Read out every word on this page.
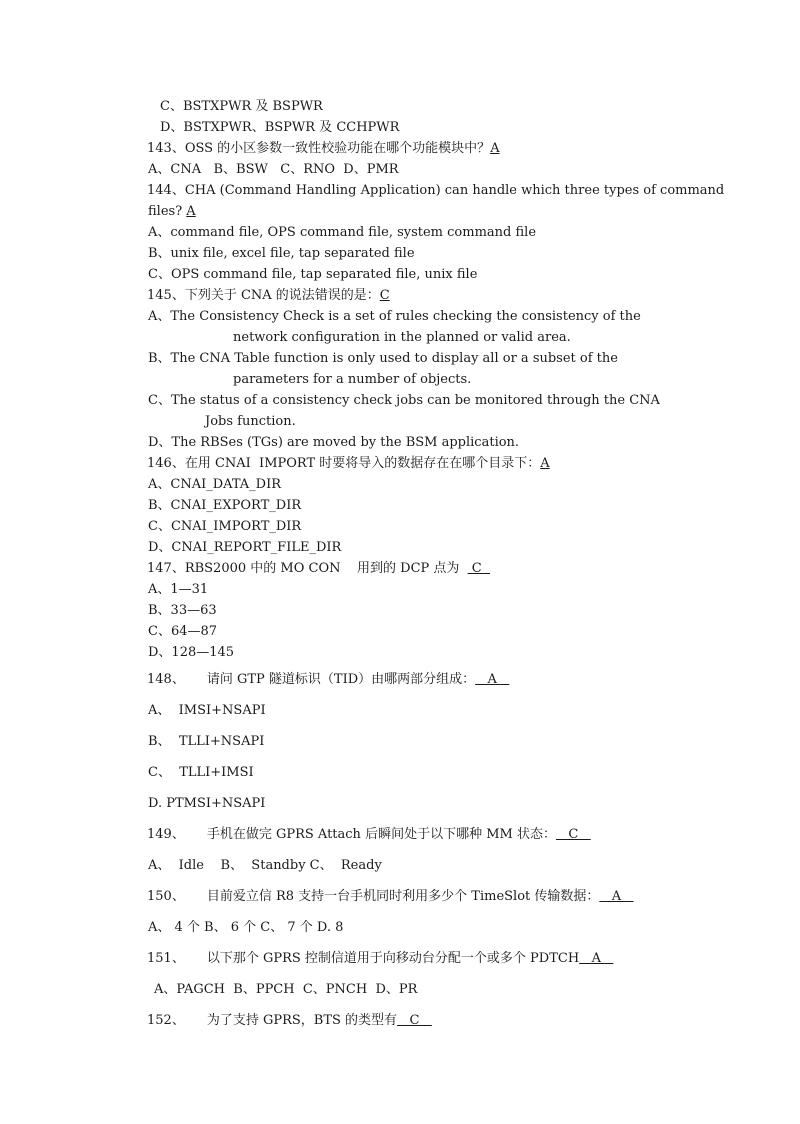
C、BSTXPWR 及 BSPWR
D、BSTXPWR、BSPWR 及 CCHPWR
143、OSS 的小区参数一致性校验功能在哪个功能模块中？A
A、CNA   B、BSW   C、RNO  D、PMR
144、CHA (Command Handling Application) can handle which three types of command
files? A
A、command file, OPS command file, system command file
B、unix file, excel file, tap separated file
C、OPS command file, tap separated file, unix file
145、下列关于 CNA 的说法错误的是：C
A、The Consistency Check is a set of rules checking the consistency of the
network configuration in the planned or valid area.
B、The CNA Table function is only used to display all or a subset of the
parameters for a number of objects.
C、The status of a consistency check jobs can be monitored through the CNA
Jobs function.
D、The RBSes (TGs) are moved by the BSM application.
146、在用 CNAI  IMPORT 时要将导入的数据存在在哪个目录下：A
A、CNAI_DATA_DIR
B、CNAI_EXPORT_DIR
C、CNAI_IMPORT_DIR
D、CNAI_REPORT_FILE_DIR
147、RBS2000 中的 MO CON    用到的 DCP 点为   C
A、1—31
B、33—63
C、64—87
D、128—145
148、 请问 GTP 隧道标识（TID）由哪两部分组成：   A
A、  IMSI+NSAPI
B、  TLLI+NSAPI
C、  TLLI+IMSI
D. PTMSI+NSAPI
149、 手机在做完 GPRS Attach 后瞬间处于以下哪种 MM 状态：   C
A、  Idle    B、  Standby C、  Ready
150、 目前爱立信 R8 支持一台手机同时利用多少个 TimeSlot 传输数据：   A
A、 4 个 B、 6 个 C、 7 个 D. 8
151、 以下那个 GPRS 控制信道用于向移动台分配一个或多个 PDTCH   A
A、PAGCH  B、PPCH  C、PNCH  D、PR
152、 为了支持 GPRS，BTS 的类型有   C
